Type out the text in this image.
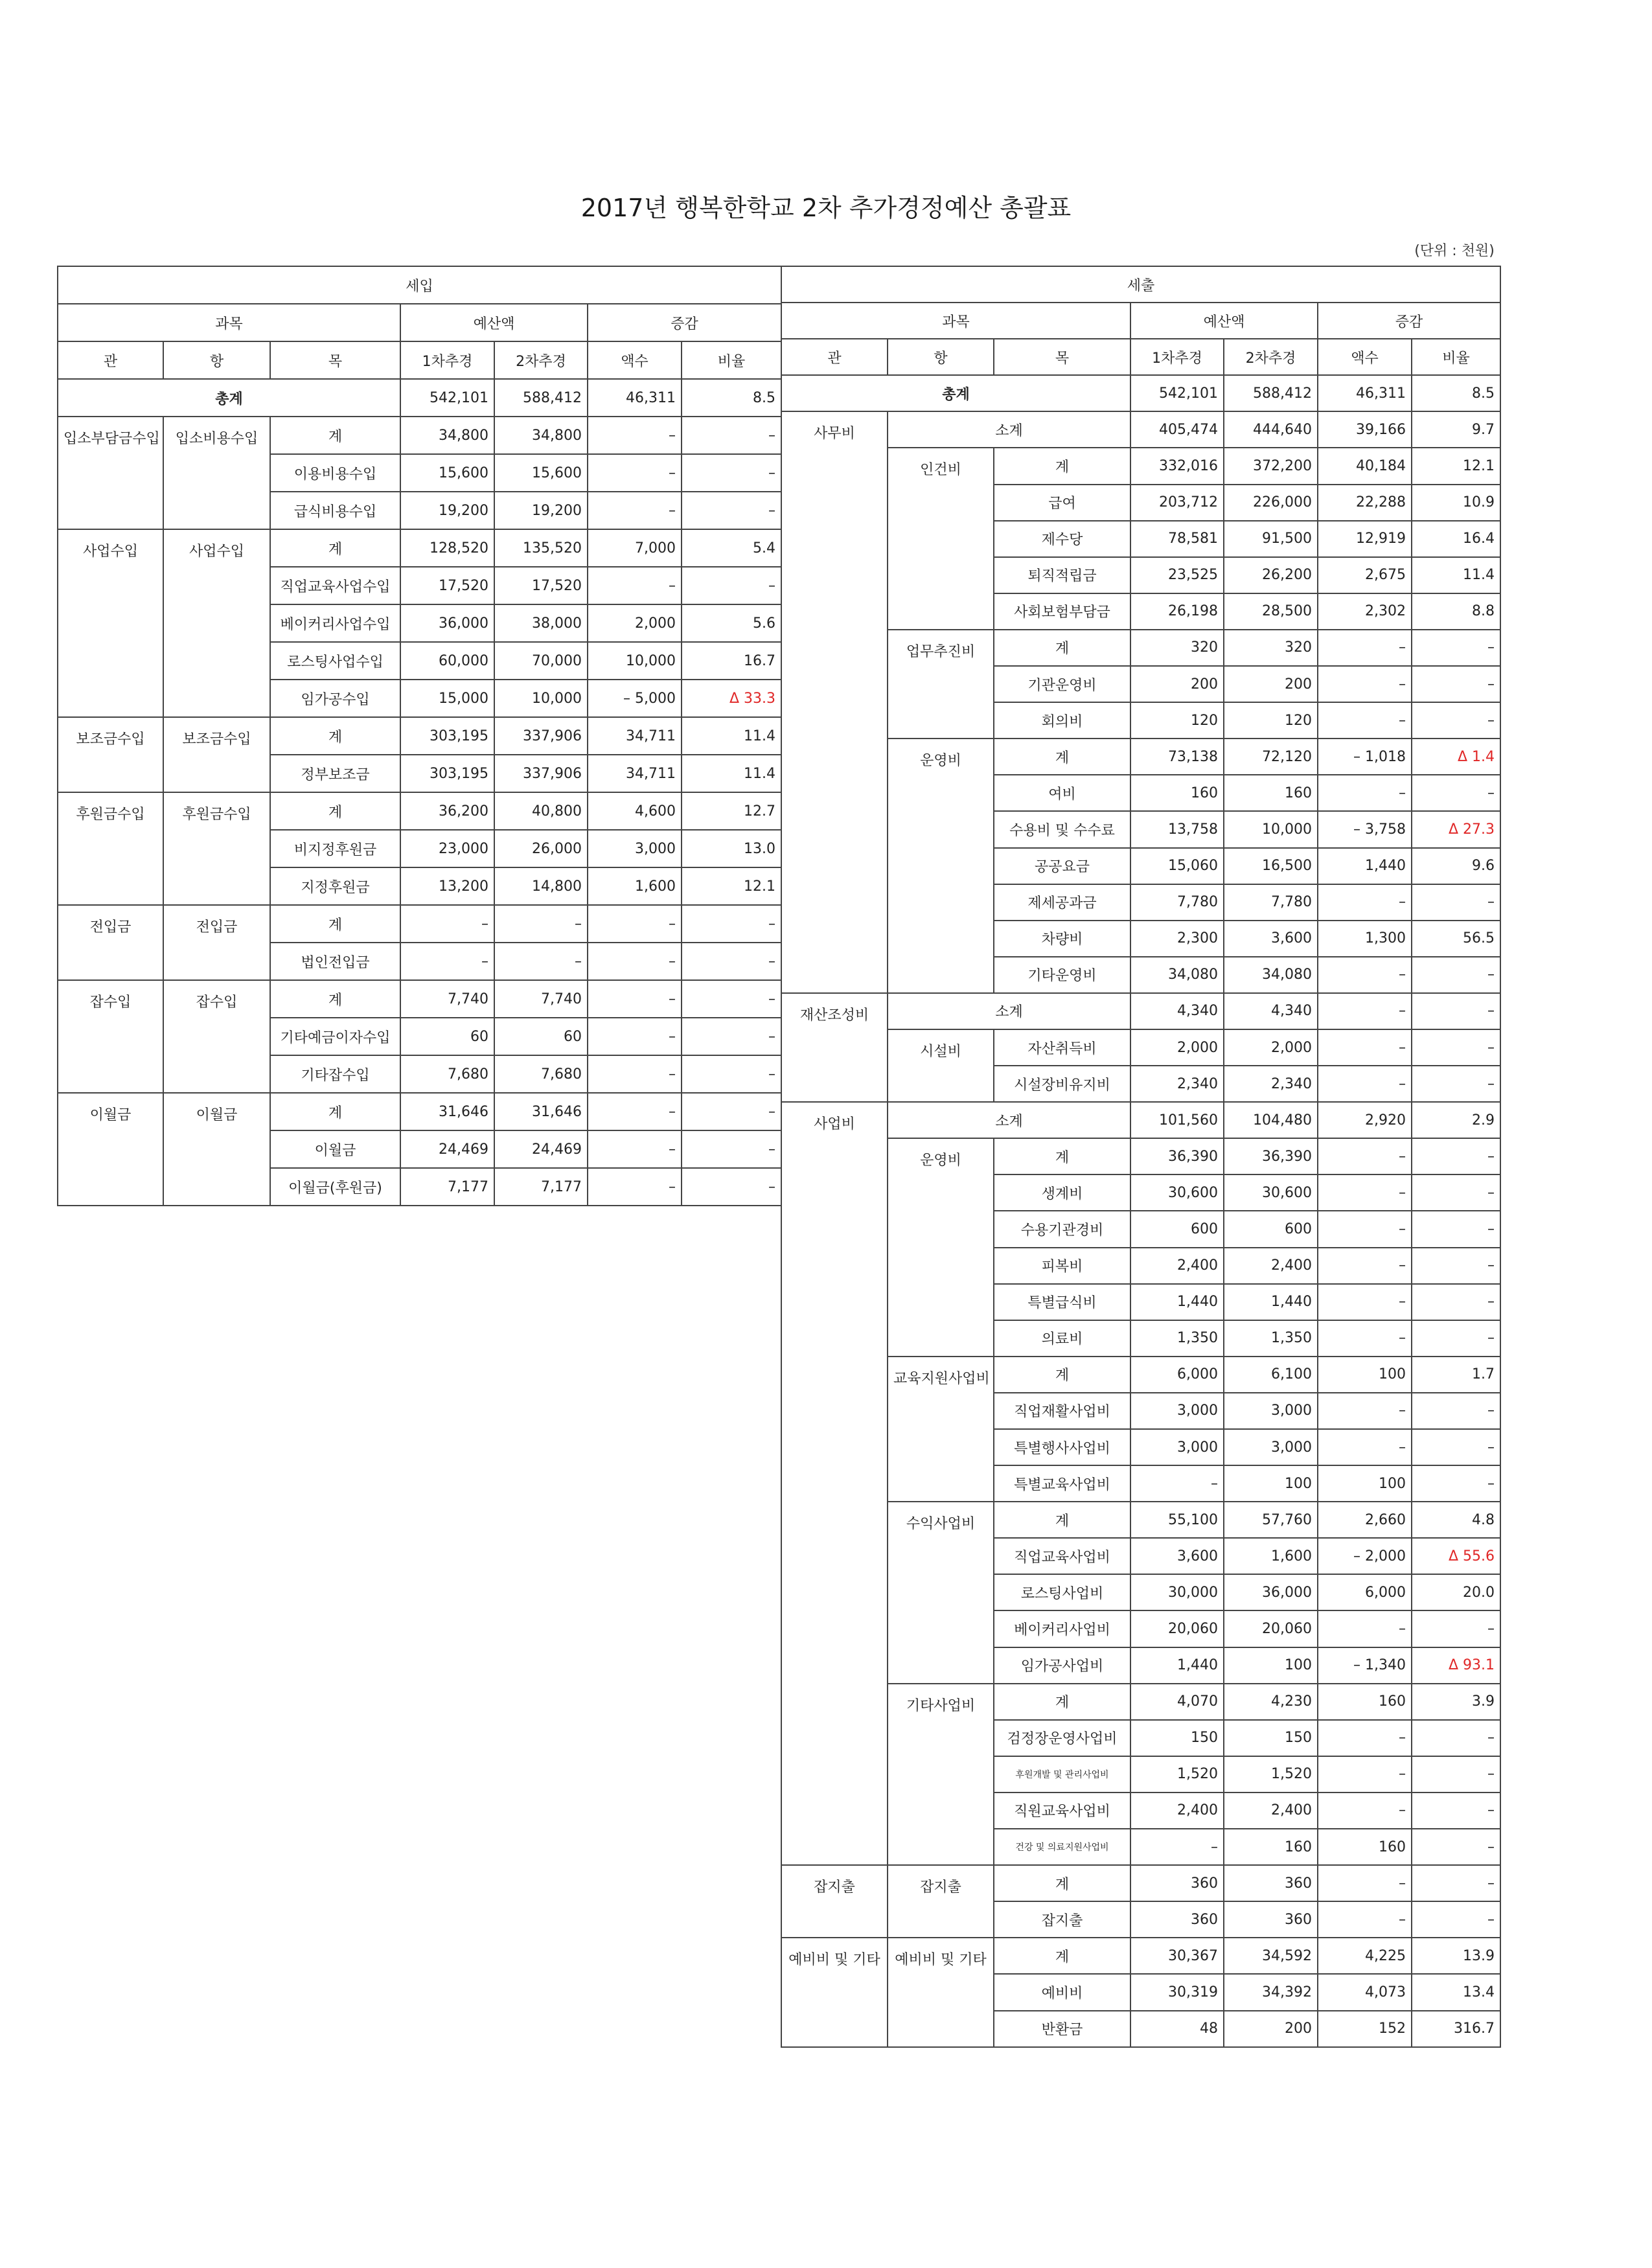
2017년 행복한학교 2차 추가경정예산 총괄표
(단위 : 천원)
세입						
과목			예산액		증감	
관	항	목	1차추경	2차추경	액수	비율
총계			542,101	588,412	46,311	8.5
입소부담금수입	입소비용수입	계	34,800	34,800	–	–
		이용비용수입	15,600	15,600	–	–
		급식비용수입	19,200	19,200	–	–
사업수입	사업수입	계	128,520	135,520	7,000	5.4
		직업교육사업수입	17,520	17,520	–	–
		베이커리사업수입	36,000	38,000	2,000	5.6
		로스팅사업수입	60,000	70,000	10,000	16.7
		임가공수입	15,000	10,000	– 5,000	Δ 33.3
보조금수입	보조금수입	계	303,195	337,906	34,711	11.4
		정부보조금	303,195	337,906	34,711	11.4
후원금수입	후원금수입	계	36,200	40,800	4,600	12.7
		비지정후원금	23,000	26,000	3,000	13.0
		지정후원금	13,200	14,800	1,600	12.1
전입금	전입금	계	–	–	–	–
		법인전입금	–	–	–	–
잡수입	잡수입	계	7,740	7,740	–	–
		기타예금이자수입	60	60	–	–
		기타잡수입	7,680	7,680	–	–
이월금	이월금	계	31,646	31,646	–	–
		이월금	24,469	24,469	–	–
		이월금(후원금)	7,177	7,177	–	–
세출						
과목			예산액		증감	
관	항	목	1차추경	2차추경	액수	비율
총계			542,101	588,412	46,311	8.5
사무비	소계		405,474	444,640	39,166	9.7
	인건비	계	332,016	372,200	40,184	12.1
		급여	203,712	226,000	22,288	10.9
		제수당	78,581	91,500	12,919	16.4
		퇴직적립금	23,525	26,200	2,675	11.4
		사회보험부담금	26,198	28,500	2,302	8.8
	업무추진비	계	320	320	–	–
		기관운영비	200	200	–	–
		회의비	120	120	–	–
	운영비	계	73,138	72,120	– 1,018	Δ 1.4
		여비	160	160	–	–
		수용비 및 수수료	13,758	10,000	– 3,758	Δ 27.3
		공공요금	15,060	16,500	1,440	9.6
		제세공과금	7,780	7,780	–	–
		차량비	2,300	3,600	1,300	56.5
		기타운영비	34,080	34,080	–	–
재산조성비	소계		4,340	4,340	–	–
	시설비	자산취득비	2,000	2,000	–	–
		시설장비유지비	2,340	2,340	–	–
사업비	소계		101,560	104,480	2,920	2.9
	운영비	계	36,390	36,390	–	–
		생계비	30,600	30,600	–	–
		수용기관경비	600	600	–	–
		피복비	2,400	2,400	–	–
		특별급식비	1,440	1,440	–	–
		의료비	1,350	1,350	–	–
	교육지원사업비	계	6,000	6,100	100	1.7
		직업재활사업비	3,000	3,000	–	–
		특별행사사업비	3,000	3,000	–	–
		특별교육사업비	–	100	100	–
	수익사업비	계	55,100	57,760	2,660	4.8
		직업교육사업비	3,600	1,600	– 2,000	Δ 55.6
		로스팅사업비	30,000	36,000	6,000	20.0
		베이커리사업비	20,060	20,060	–	–
		임가공사업비	1,440	100	– 1,340	Δ 93.1
	기타사업비	계	4,070	4,230	160	3.9
		검정장운영사업비	150	150	–	–
		후원개발 및 관리사업비	1,520	1,520	–	–
		직원교육사업비	2,400	2,400	–	–
		건강 및 의료지원사업비	–	160	160	–
잡지출	잡지출	계	360	360	–	–
		잡지출	360	360	–	–
예비비 및 기타	예비비 및 기타	계	30,367	34,592	4,225	13.9
		예비비	30,319	34,392	4,073	13.4
		반환금	48	200	152	316.7
